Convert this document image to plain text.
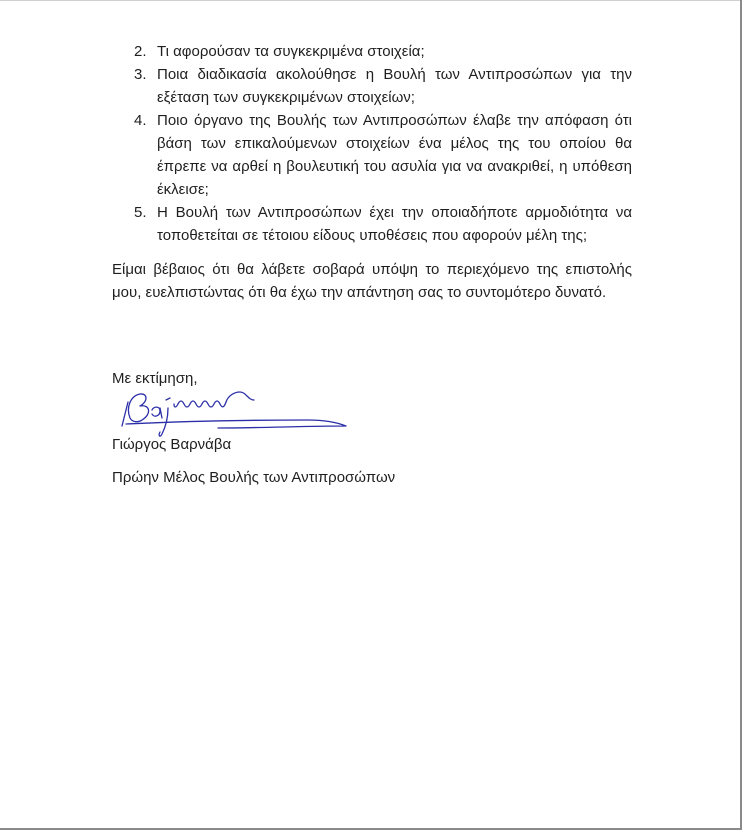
2. Τι αφορούσαν τα συγκεκριμένα στοιχεία;
3. Ποια διαδικασία ακολούθησε η Βουλή των Αντιπροσώπων για την εξέταση των συγκεκριμένων στοιχείων;
4. Ποιο όργανο της Βουλής των Αντιπροσώπων έλαβε την απόφαση ότι βάση των επικαλούμενων στοιχείων ένα μέλος της του οποίου θα έπρεπε να αρθεί η βουλευτική του ασυλία για να ανακριθεί, η υπόθεση έκλεισε;
5. Η Βουλή των Αντιπροσώπων έχει την οποιαδήποτε αρμοδιότητα να τοποθετείται σε τέτοιου είδους υποθέσεις που αφορούν μέλη της;

Είμαι βέβαιος ότι θα λάβετε σοβαρά υπόψη το περιεχόμενο της επιστολής μου, ευελπιστώντας ότι θα έχω την απάντηση σας το συντομότερο δυνατό.

Με εκτίμηση,

Γιώργος Βαρνάβα

Πρώην Μέλος Βουλής των Αντιπροσώπων
